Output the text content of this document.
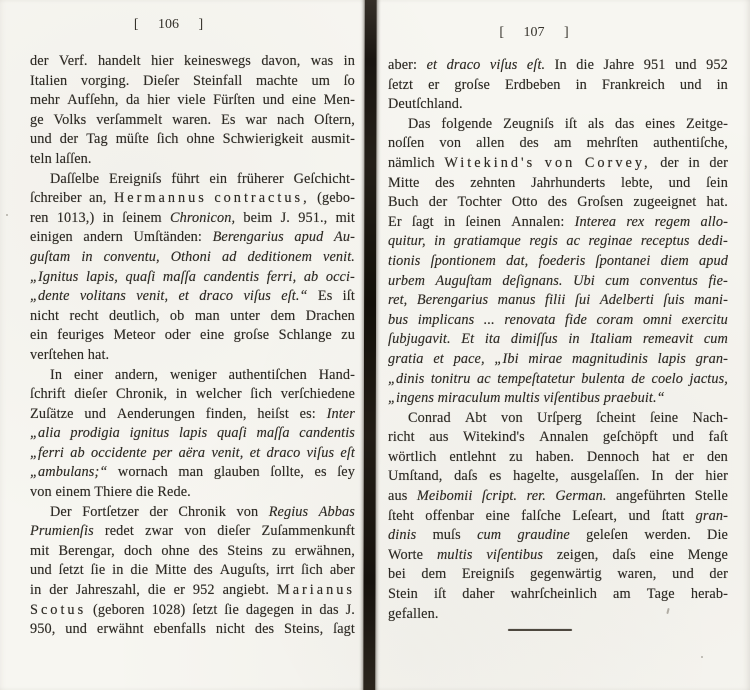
[ 106 ]
der Verf. handelt hier keineswegs davon, was in
Italien vorging. Dieſer Steinfall machte um ſo
mehr Aufſehn, da hier viele Fürſten und eine Men-
ge Volks verſammelt waren. Es war nach Oſtern,
und der Tag müſte ſich ohne Schwierigkeit ausmit-
teln laſſen.
Daſſelbe Ereigniſs führt ein früherer Geſchicht-
ſchreiber an, Hermannus contractus, (gebo-
ren 1013,) in ſeinem Chronicon, beim J. 951., mit
einigen andern Umſtänden: Berengarius apud Au-
guſtam in conventu, Othoni ad deditionem venit.
„Ignitus lapis, quaſi maſſa candentis ferri, ab occi-
„dente volitans venit, et draco viſus eſt.“ Es iſt
nicht recht deutlich, ob man unter dem Drachen
ein feuriges Meteor oder eine groſse Schlange zu
verſtehen hat.
In einer andern, weniger authentiſchen Hand-
ſchrift dieſer Chronik, in welcher ſich verſchiedene
Zuſätze und Aenderungen finden, heiſst es: Inter
„alia prodigia ignitus lapis quaſi maſſa candentis
„ferri ab occidente per aëra venit, et draco viſus eſt
„ambulans;“ wornach man glauben ſollte, es ſey
von einem Thiere die Rede.
Der Fortſetzer der Chronik von Regius Abbas
Prumienſis redet zwar von dieſer Zuſammenkunft
mit Berengar, doch ohne des Steins zu erwähnen,
und ſetzt ſie in die Mitte des Auguſts, irrt ſich aber
in der Jahreszahl, die er 952 angiebt. Marianus
Scotus (geboren 1028) ſetzt ſie dagegen in das J.
950, und erwähnt ebenfalls nicht des Steins, ſagt
[ 107 ]
aber: et draco viſus eſt. In die Jahre 951 und 952
ſetzt er groſse Erdbeben in Frankreich und in
Deutſchland.
Das folgende Zeugniſs iſt als das eines Zeitge-
noſſen von allen des am mehrſten authentiſche,
nämlich Witekind's von Corvey, der in der
Mitte des zehnten Jahrhunderts lebte, und ſein
Buch der Tochter Otto des Groſsen zugeeignet hat.
Er ſagt in ſeinen Annalen: Interea rex regem allo-
quitur, in gratiamque regis ac reginae receptus dedi-
tionis ſpontionem dat, foederis ſpontanei diem apud
urbem Auguſtam deſignans. Ubi cum conventus fie-
ret, Berengarius manus filii ſui Adelberti ſuis mani-
bus implicans ... renovata fide coram omni exercitu
ſubjugavit. Et ita dimiſſus in Italiam remeavit cum
gratia et pace, „Ibi mirae magnitudinis lapis gran-
„dinis tonitru ac tempeſtatetur bulenta de coelo jactus,
„ingens miraculum multis viſentibus praebuit.“
Conrad Abt von Urſperg ſcheint ſeine Nach-
richt aus Witekind's Annalen geſchöpft und faſt
wörtlich entlehnt zu haben. Dennoch hat er den
Umſtand, daſs es hagelte, ausgelaſſen. In der hier
aus Meibomii ſcript. rer. German. angeführten Stelle
ſteht offenbar eine falſche Leſeart, und ſtatt gran-
dinis muſs cum graudine geleſen werden. Die
Worte multis viſentibus zeigen, daſs eine Menge
bei dem Ereigniſs gegenwärtig waren, und der
Stein iſt daher wahrſcheinlich am Tage herab-
gefallen.
